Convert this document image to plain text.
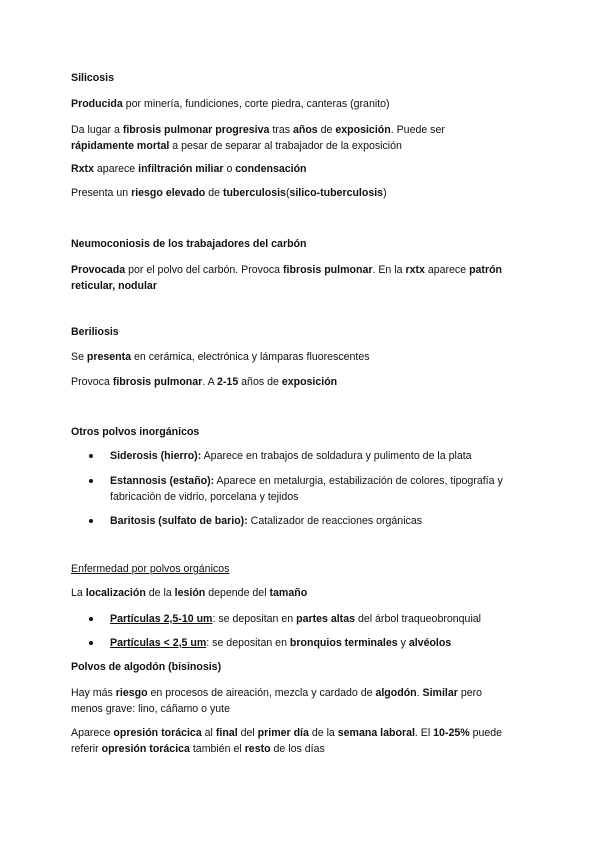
Silicosis
Producida por minería, fundiciones, corte piedra, canteras (granito)
Da lugar a fibrosis pulmonar progresiva tras años de exposición. Puede ser
rápidamente mortal a pesar de separar al trabajador de la exposición
Rxtx aparece infiltración miliar o condensación
Presenta un riesgo elevado de tuberculosis(silico-tuberculosis)
Neumoconiosis de los trabajadores del carbón
Provocada por el polvo del carbón. Provoca fibrosis pulmonar. En la rxtx aparece patrón
reticular, nodular
Beriliosis
Se presenta en cerámica, electrónica y lámparas fluorescentes
Provoca fibrosis pulmonar. A 2-15 años de exposición
Otros polvos inorgánicos
Siderosis (hierro): Aparece en trabajos de soldadura y pulimento de la plata
Estannosis (estaño): Aparece en metalurgia, estabilización de colores, tipografía y
fabricación de vidrio, porcelana y tejidos
Baritosis (sulfato de bario): Catalizador de reacciones orgánicas
Enfermedad por polvos orgánicos
La localización de la lesión depende del tamaño
Partículas 2,5-10 um: se depositan en partes altas del árbol traqueobronquial
Partículas < 2,5 um: se depositan en bronquios terminales y alvéolos
Polvos de algodón (bisinosis)
Hay más riesgo en procesos de aireación, mezcla y cardado de algodón. Similar pero
menos grave: lino, cáñamo o yute
Aparece opresión torácica al final del primer día de la semana laboral. El 10-25% puede
referir opresión torácica también el resto de los días
